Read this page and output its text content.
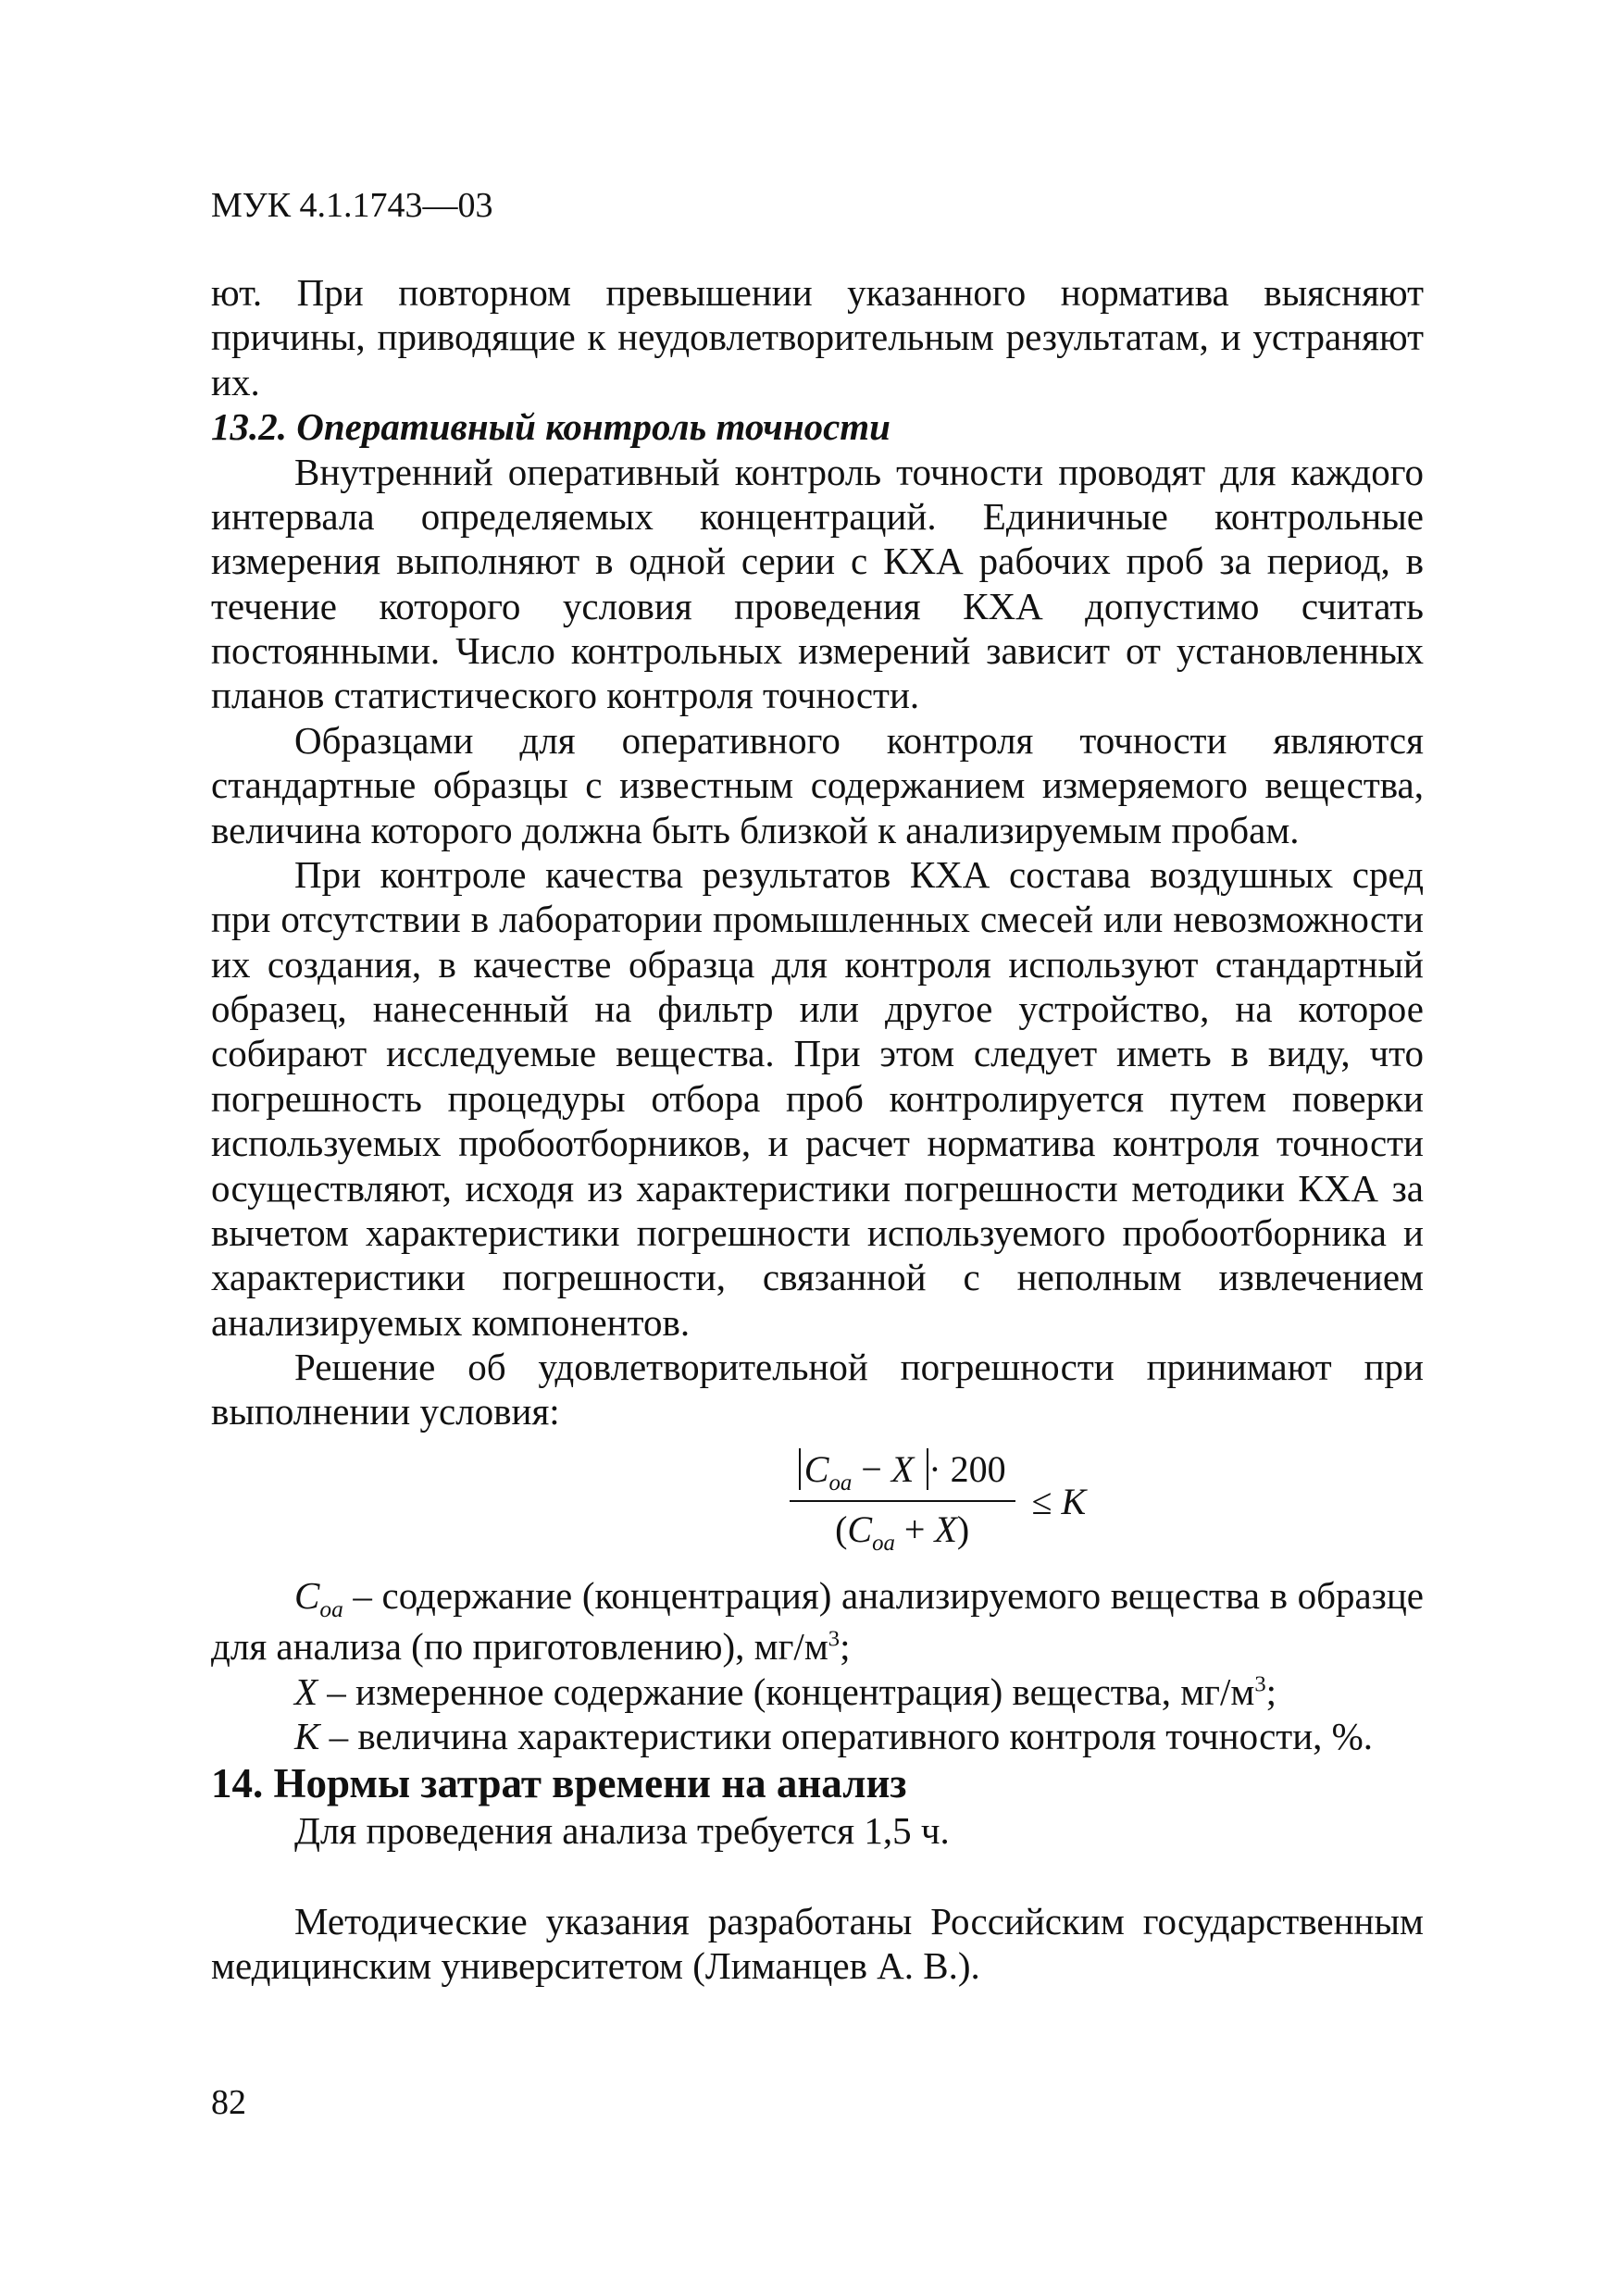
МУК 4.1.1743—03

ют. При повторном превышении указанного норматива выясняют причины, приводящие к неудовлетворительным результатам, и устраняют их.

13.2. Оперативный контроль точности

Внутренний оперативный контроль точности проводят для каждого интервала определяемых концентраций. Единичные контрольные измерения выполняют в одной серии с КХА рабочих проб за период, в течение которого условия проведения КХА допустимо считать постоянными. Число контрольных измерений зависит от установленных планов статистического контроля точности.

Образцами для оперативного контроля точности являются стандартные образцы с известным содержанием измеряемого вещества, величина которого должна быть близкой к анализируемым пробам.

При контроле качества результатов КХА состава воздушных сред при отсутствии в лаборатории промышленных смесей или невозможности их создания, в качестве образца для контроля используют стандартный образец, нанесенный на фильтр или другое устройство, на которое собирают исследуемые вещества. При этом следует иметь в виду, что погрешность процедуры отбора проб контролируется путем поверки используемых пробоотборников, и расчет норматива контроля точности осуществляют, исходя из характеристики погрешности методики КХА за вычетом характеристики погрешности используемого пробоотборника и характеристики погрешности, связанной с неполным извлечением анализируемых компонентов.

Решение об удовлетворительной погрешности принимают при выполнении условия:

$C_{oa} - X \cdot 200$
$(C_{oa} + X)$
≤ K

$C_{oa}$ – содержание (концентрация) анализируемого вещества в образце для анализа (по приготовлению), $мг/м^3$;

X – измеренное содержание (концентрация) вещества, $мг/м^3$;

K – величина характеристики оперативного контроля точности, %.

14. Нормы затрат времени на анализ

Для проведения анализа требуется 1,5 ч.

Методические указания разработаны Российским государственным медицинским университетом (Лиманцев А. В.).

82
